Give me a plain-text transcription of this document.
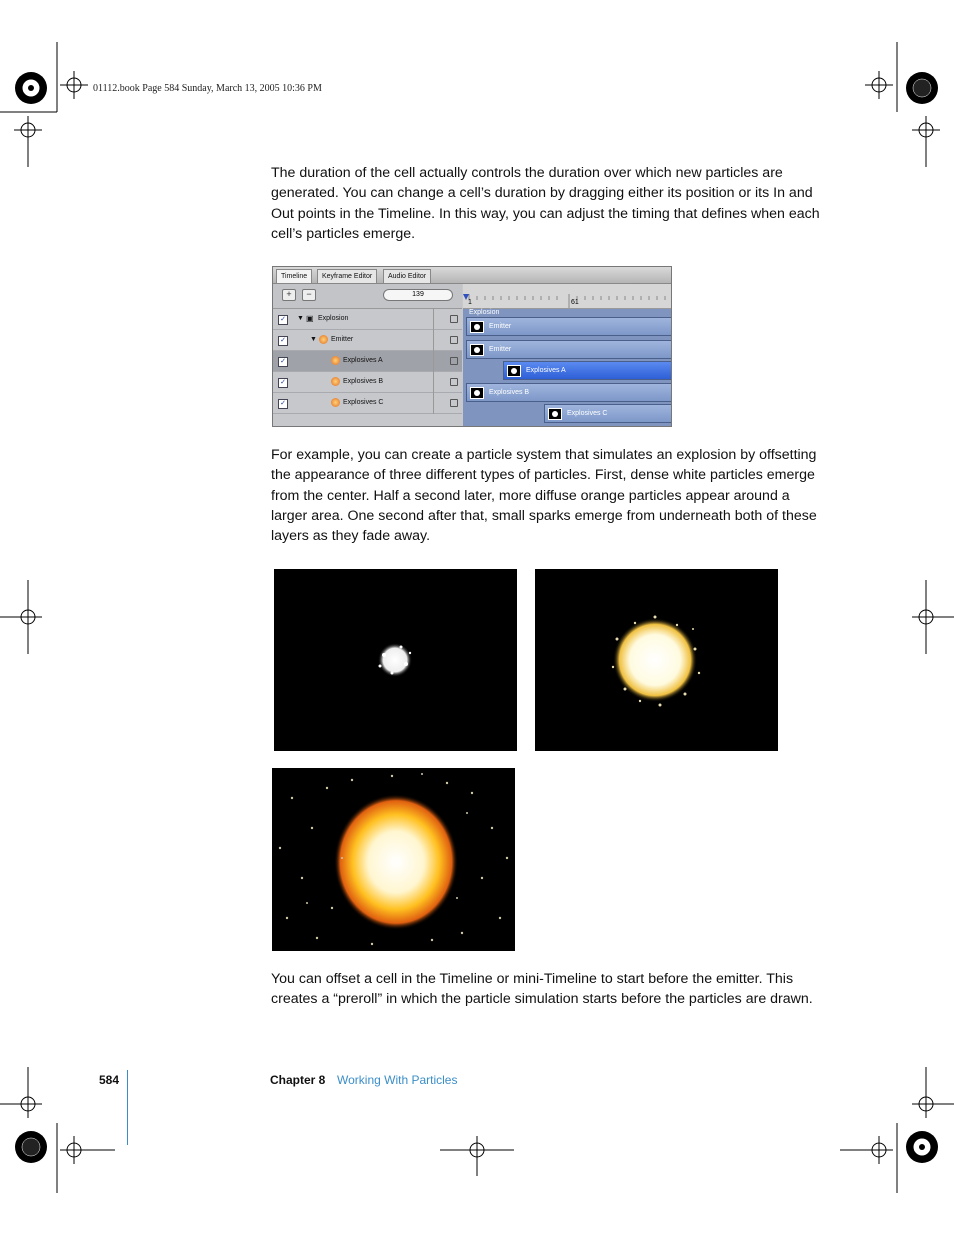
01112.book Page 584 Sunday, March 13, 2005 10:36 PM

The duration of the cell actually controls the duration over which new particles are generated. You can change a cell’s duration by dragging either its position or its In and Out points in the Timeline. In this way, you can adjust the timing that defines when each cell’s particles emerge.

Timeline	Keyframe Editor	Audio Editor
+	−	139
✓ ▼ ▣ Explosion
✓	▼ Emitter
✓	Explosives A
✓	Explosives B
✓	Explosives C
1	61
Explosion
Emitter
Emitter
Explosives A
Explosives B
Explosives C

For example, you can create a particle system that simulates an explosion by offsetting the appearance of three different types of particles. First, dense white particles emerge from the center. Half a second later, more diffuse orange particles appear around a larger area. One second after that, small sparks emerge from underneath both of these layers as they fade away.

You can offset a cell in the Timeline or mini-Timeline to start before the emitter. This creates a “preroll” in which the particle simulation starts before the particles are drawn.

584	Chapter 8 Working With Particles
